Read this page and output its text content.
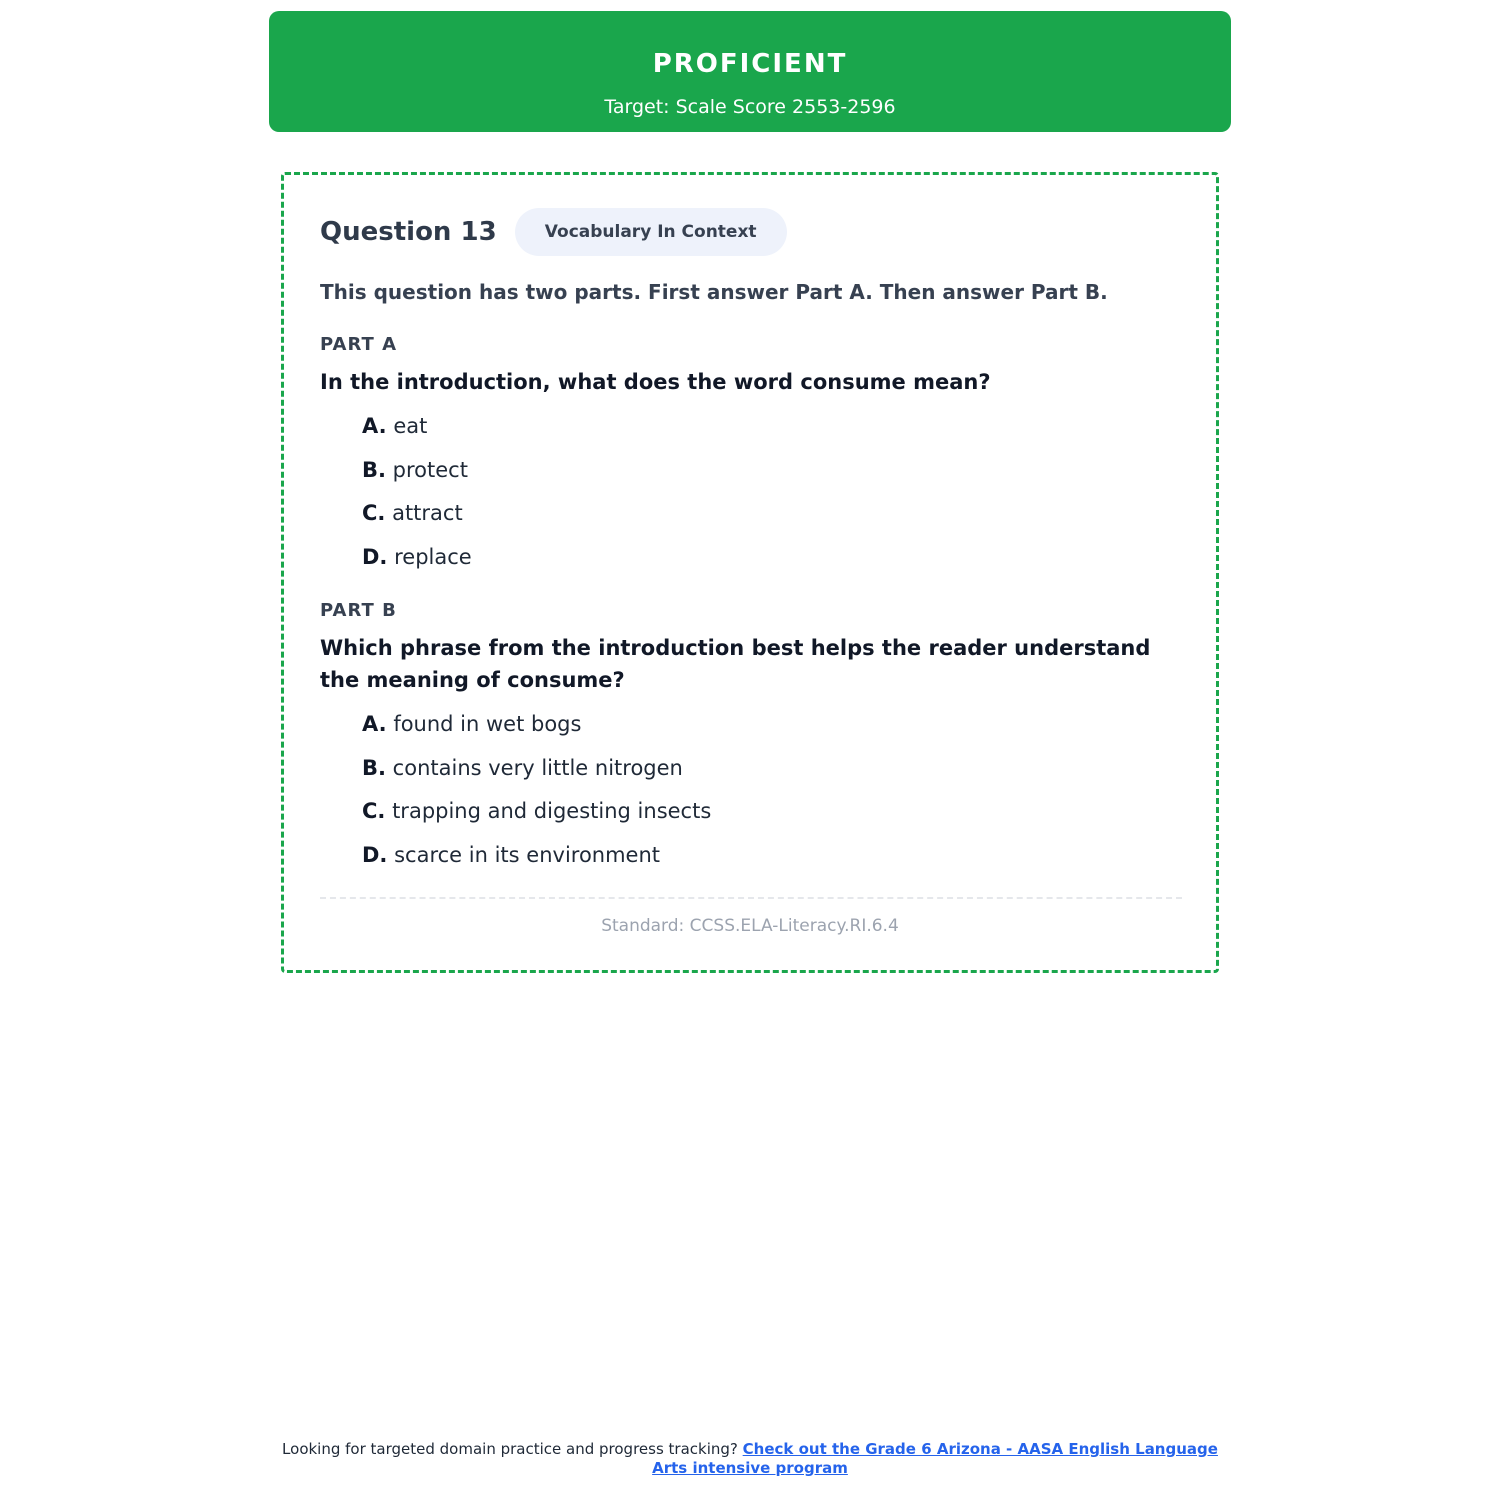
PROFICIENT
Target: Scale Score 2553-2596
Question 13	Vocabulary In Context
This question has two parts. First answer Part A. Then answer Part B.
PART A
In the introduction, what does the word consume mean?
A. eat
B. protect
C. attract
D. replace
PART B
Which phrase from the introduction best helps the reader understand the meaning of consume?
A. found in wet bogs
B. contains very little nitrogen
C. trapping and digesting insects
D. scarce in its environment
Standard: CCSS.ELA-Literacy.RI.6.4
Looking for targeted domain practice and progress tracking? Check out the Grade 6 Arizona - AASA English Language Arts intensive program
